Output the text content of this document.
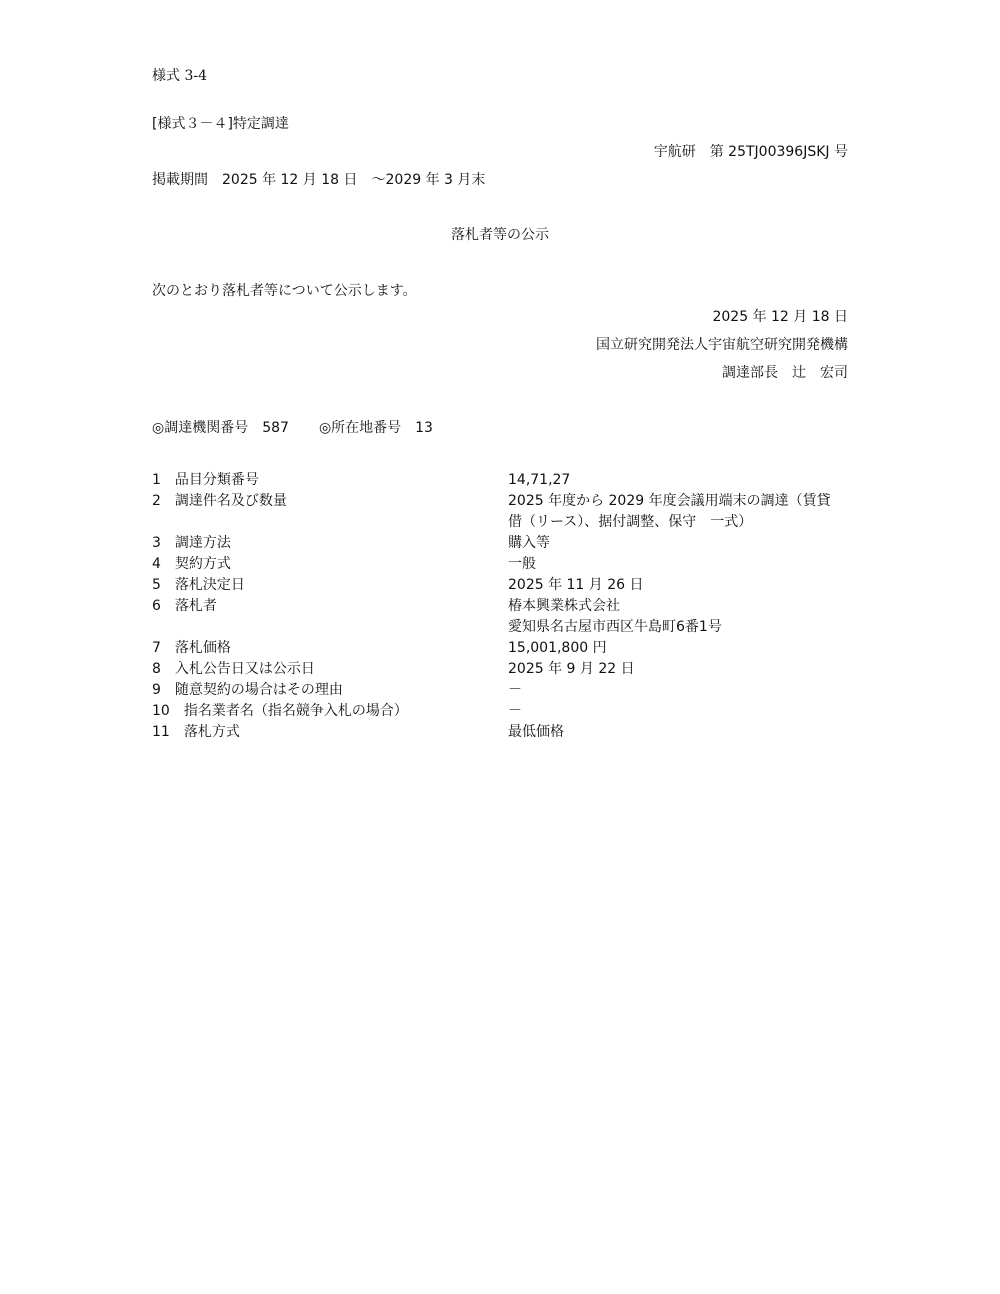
様式 3-4
[様式３－４]特定調達
宇航研　第 25TJ00396JSKJ 号
掲載期間　2025 年 12 月 18 日　～2029 年 3 月末
落札者等の公示
次のとおり落札者等について公示します。
2025 年 12 月 18 日
国立研究開発法人宇宙航空研究開発機構
調達部長　辻　宏司
◎調達機関番号　587 ◎所在地番号　13
1　品目分類番号	14,71,27
2　調達件名及び数量	2025 年度から 2029 年度会議用端末の調達（賃貸
借（リース）、据付調整、保守　一式）
3　調達方法	購入等
4　契約方式	一般
5　落札決定日	2025 年 11 月 26 日
6　落札者	椿本興業株式会社
愛知県名古屋市西区牛島町6番1号
7　落札価格	15,001,800 円
8　入札公告日又は公示日	2025 年 9 月 22 日
9　随意契約の場合はその理由	－
10　指名業者名（指名競争入札の場合）	－
11　落札方式	最低価格
